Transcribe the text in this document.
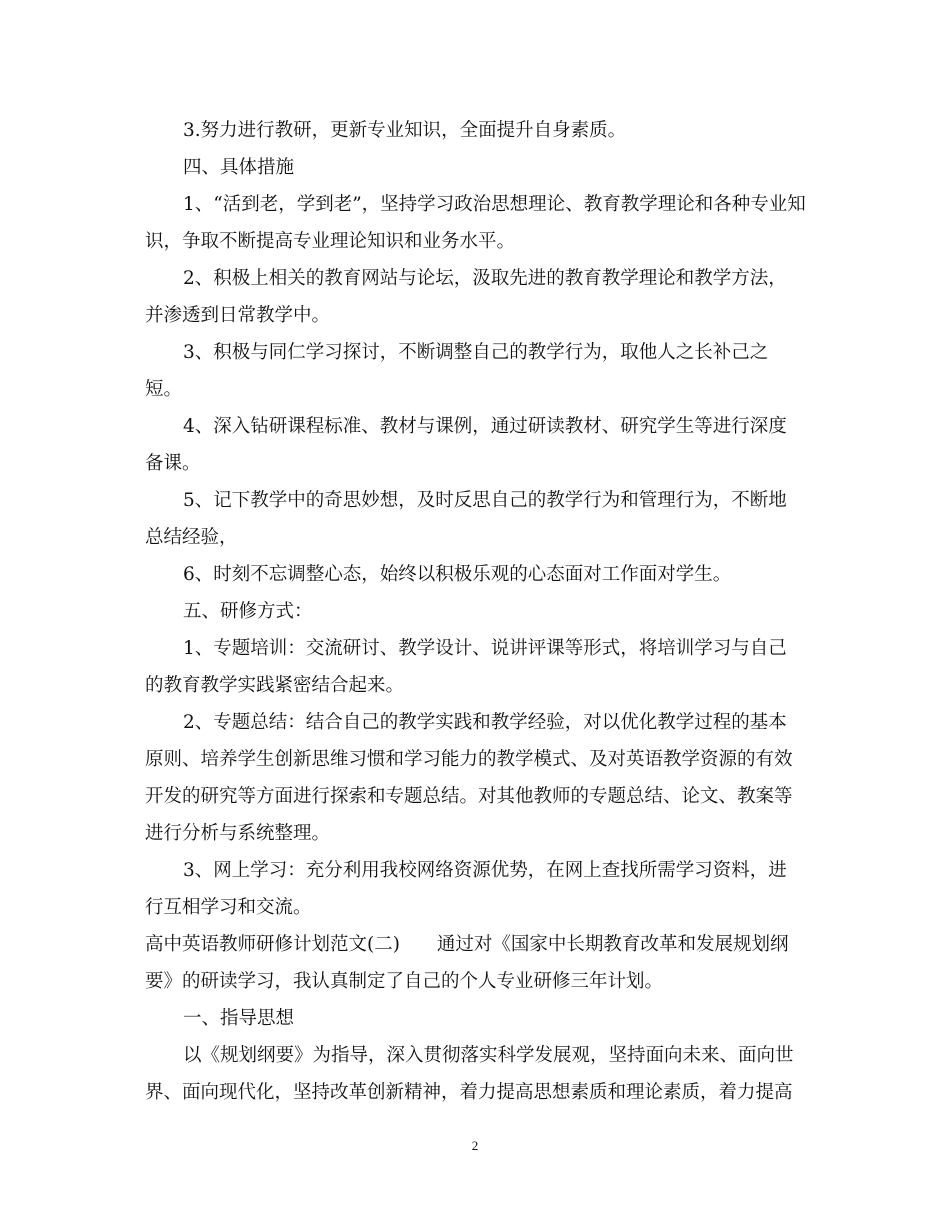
3.努力进行教研，更新专业知识，全面提升自身素质。
四、具体措施
1、“活到老，学到老”，坚持学习政治思想理论、教育教学理论和各种专业知
识，争取不断提高专业理论知识和业务水平。
2、积极上相关的教育网站与论坛，汲取先进的教育教学理论和教学方法，
并渗透到日常教学中。
3、积极与同仁学习探讨，不断调整自己的教学行为，取他人之长补己之
短。
4、深入钻研课程标准、教材与课例，通过研读教材、研究学生等进行深度
备课。
5、记下教学中的奇思妙想，及时反思自己的教学行为和管理行为，不断地
总结经验，
6、时刻不忘调整心态，始终以积极乐观的心态面对工作面对学生。
五、研修方式：
1、专题培训：交流研讨、教学设计、说讲评课等形式，将培训学习与自己
的教育教学实践紧密结合起来。
2、专题总结：结合自己的教学实践和教学经验，对以优化教学过程的基本
原则、培养学生创新思维习惯和学习能力的教学模式、及对英语教学资源的有效
开发的研究等方面进行探索和专题总结。对其他教师的专题总结、论文、教案等
进行分析与系统整理。
3、网上学习：充分利用我校网络资源优势，在网上查找所需学习资料，进
行互相学习和交流。
高中英语教师研修计划范文(二)　　通过对《国家中长期教育改革和发展规划纲
要》的研读学习，我认真制定了自己的个人专业研修三年计划。
一、指导思想
以《规划纲要》为指导，深入贯彻落实科学发展观，坚持面向未来、面向世
界、面向现代化，坚持改革创新精神，着力提高思想素质和理论素质，着力提高
2
